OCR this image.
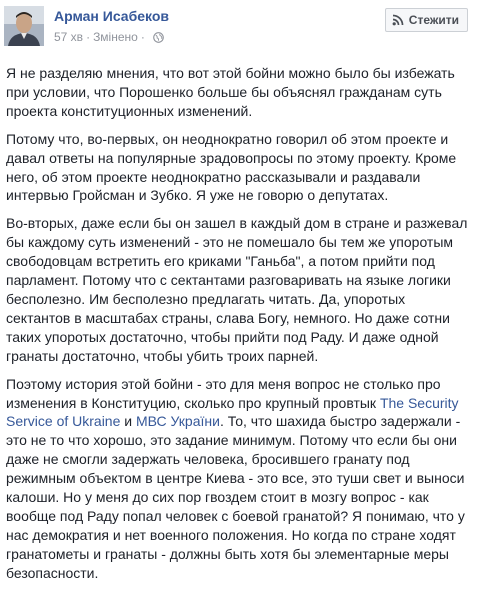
Арман Исабеков
57 хв · Змінено ·
Стежити

Я не разделяю мнения, что вот этой бойни можно было бы избежать при условии, что Порошенко больше бы объяснял гражданам суть проекта конституционных изменений.

Потому что, во-первых, он неоднократно говорил об этом проекте и давал ответы на популярные зрадовопросы по этому проекту. Кроме него, об этом проекте неоднократно рассказывали и раздавали интервью Гройсман и Зубко. Я уже не говорю о депутатах.

Во-вторых, даже если бы он зашел в каждый дом в стране и разжевал бы каждому суть изменений - это не помешало бы тем же упоротым свободовцам встретить его криками "Ганьба", а потом прийти под парламент. Потому что с сектантами разговаривать на языке логики бесполезно. Им бесполезно предлагать читать. Да, упоротых сектантов в масштабах страны, слава Богу, немного. Но даже сотни таких упоротых достаточно, чтобы прийти под Раду. И даже одной гранаты достаточно, чтобы убить троих парней.

Поэтому история этой бойни - это для меня вопрос не столько про изменения в Конституцию, сколько про крупный провтык The Security Service of Ukraine и МВС України. То, что шахида быстро задержали - это не то что хорошо, это задание минимум. Потому что если бы они даже не смогли задержать человека, бросившего гранату под режимным объектом в центре Киева - это все, это туши свет и выноси калоши. Но у меня до сих пор гвоздем стоит в мозгу вопрос - как вообще под Раду попал человек с боевой гранатой? Я понимаю, что у нас демократия и нет военного положения. Но когда по стране ходят гранатометы и гранаты - должны быть хотя бы элементарные меры безопасности.
